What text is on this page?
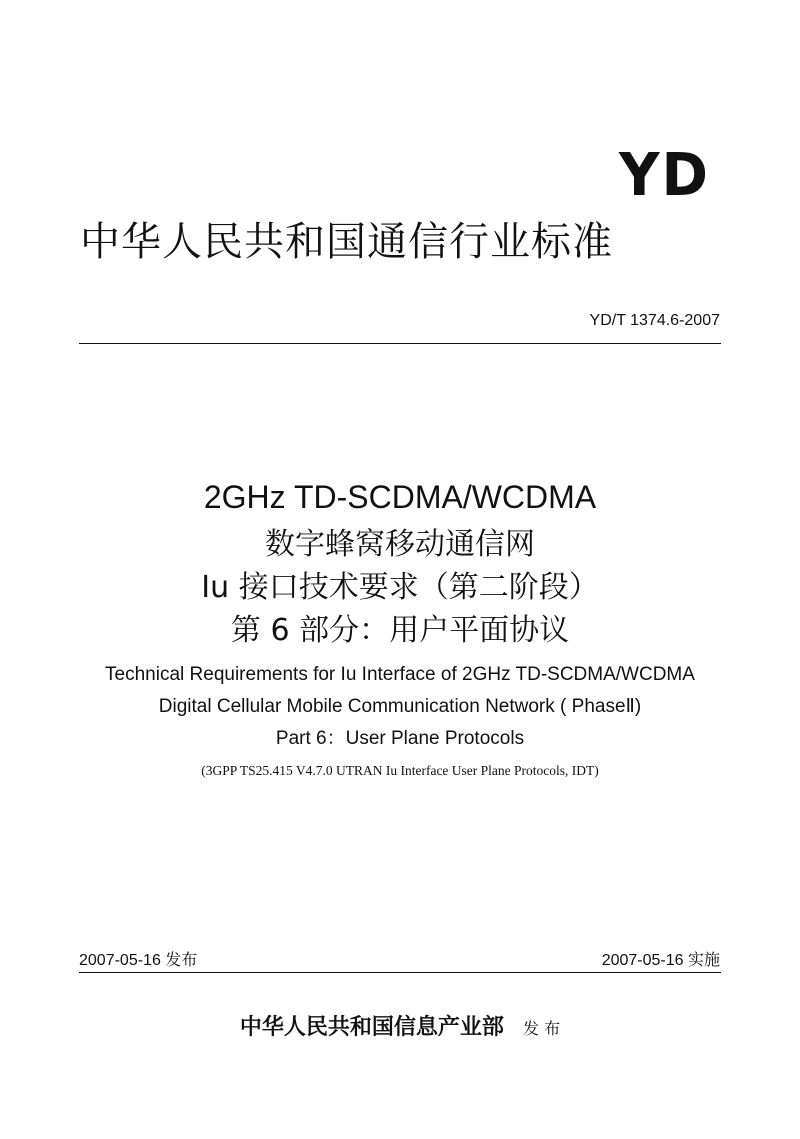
YD
中华人民共和国通信行业标准
YD/T 1374.6-2007
2GHz TD-SCDMA/WCDMA
数字蜂窝移动通信网
Iu 接口技术要求（第二阶段）
第 6 部分：用户平面协议
Technical Requirements for Iu Interface of 2GHz TD-SCDMA/WCDMA
Digital Cellular Mobile Communication Network ( PhaseⅡ)
Part 6：User Plane Protocols
(3GPP TS25.415 V4.7.0 UTRAN Iu Interface User Plane Protocols, IDT)
2007-05-16 发布	2007-05-16 实施
中华人民共和国信息产业部 发 布
